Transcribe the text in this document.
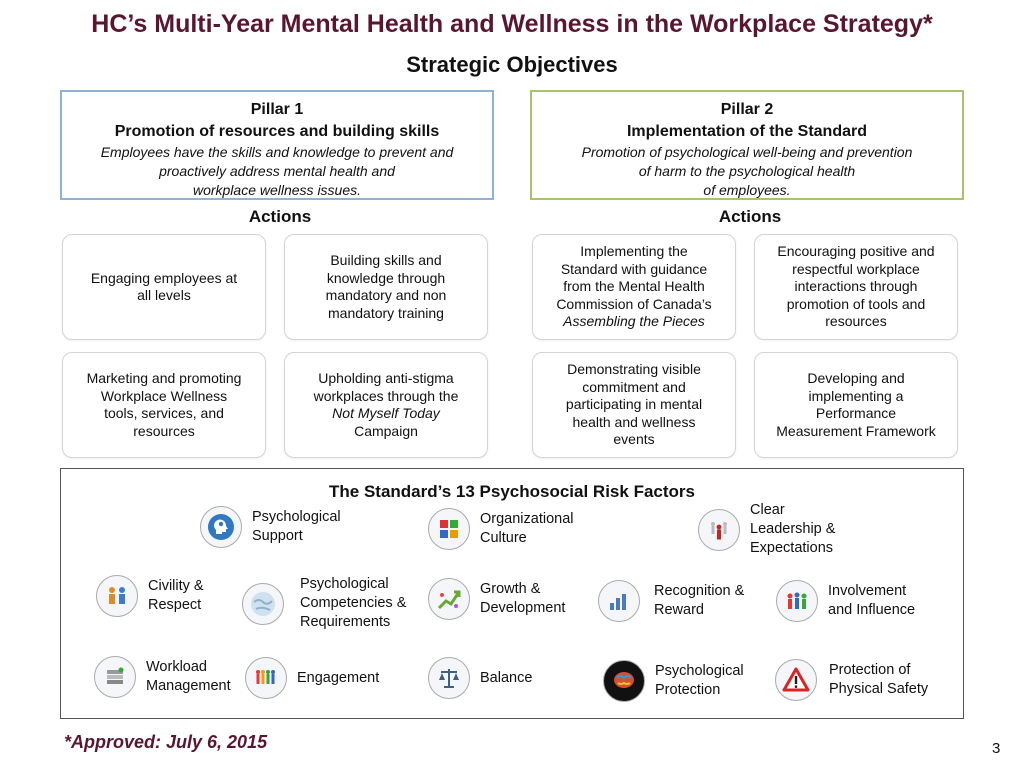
HC’s Multi-Year Mental Health and Wellness in the Workplace Strategy*
Strategic Objectives
Pillar 1
Promotion of resources and building skills
Employees have the skills and knowledge to prevent and
proactively address mental health and
workplace wellness issues.
Pillar 2
Implementation of the Standard
Promotion of psychological well-being and prevention
of harm to the psychological health
of employees.
Actions	Actions
Engaging employees at
all levels
Building skills and
knowledge through
mandatory and non
mandatory training
Marketing and promoting
Workplace Wellness
tools, services, and
resources
Upholding anti-stigma
workplaces through the
Not Myself Today
Campaign
Implementing the
Standard with guidance
from the Mental Health
Commission of Canada’s
Assembling the Pieces
Encouraging positive and
respectful workplace
interactions through
promotion of tools and
resources
Demonstrating visible
commitment and
participating in mental
health and wellness
events
Developing and
implementing a
Performance
Measurement Framework
The Standard’s 13 Psychosocial Risk Factors
Psychological
Support
Organizational
Culture
Clear
Leadership &
Expectations
Civility &
Respect
Psychological
Competencies &
Requirements
Growth &
Development
Recognition &
Reward
Involvement
and Influence
Workload
Management
Engagement	Balance	Psychological
Protection
Protection of
Physical Safety
*Approved: July 6, 2015	3
